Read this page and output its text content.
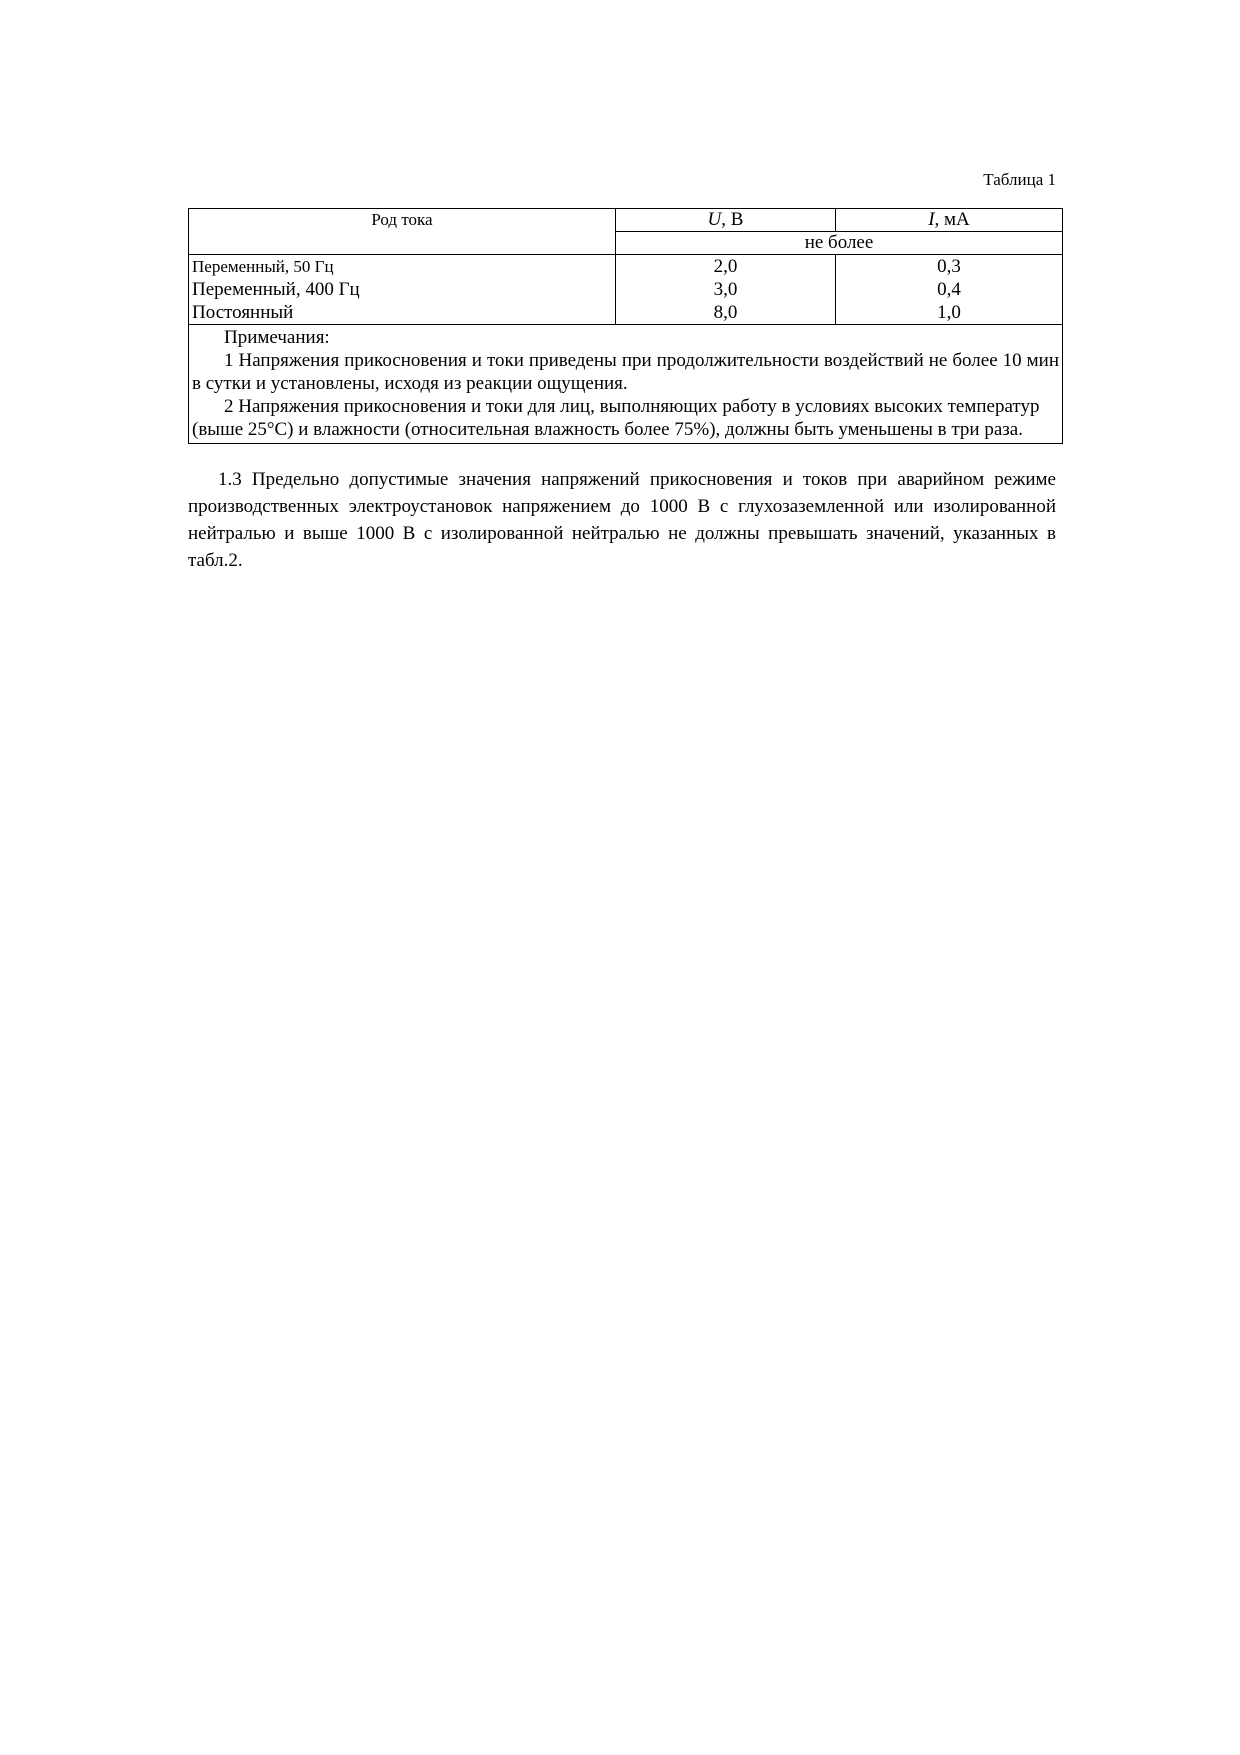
Таблица 1
Род тока	U, В	I, мА
	не более	
Переменный, 50 Гц	2,0	0,3
Переменный, 400 Гц	3,0	0,4
Постоянный	8,0	1,0

Примечания:

1 Напряжения прикосновения и токи приведены при продолжительности воздействий не более 10 мин в сутки и установлены, исходя из реакции ощущения.

2 Напряжения прикосновения и токи для лиц, выполняющих работу в условиях высоких температур (выше 25°С) и влажности (относительная влажность более 75%), должны быть уменьшены в три раза.		

1.3 Предельно допустимые значения напряжений прикосновения и токов при аварийном режиме производственных электроустановок напряжением до 1000 В с глухозаземленной или изолированной нейтралью и выше 1000 В с изолированной нейтралью не должны превышать значений, указанных в табл.2.
